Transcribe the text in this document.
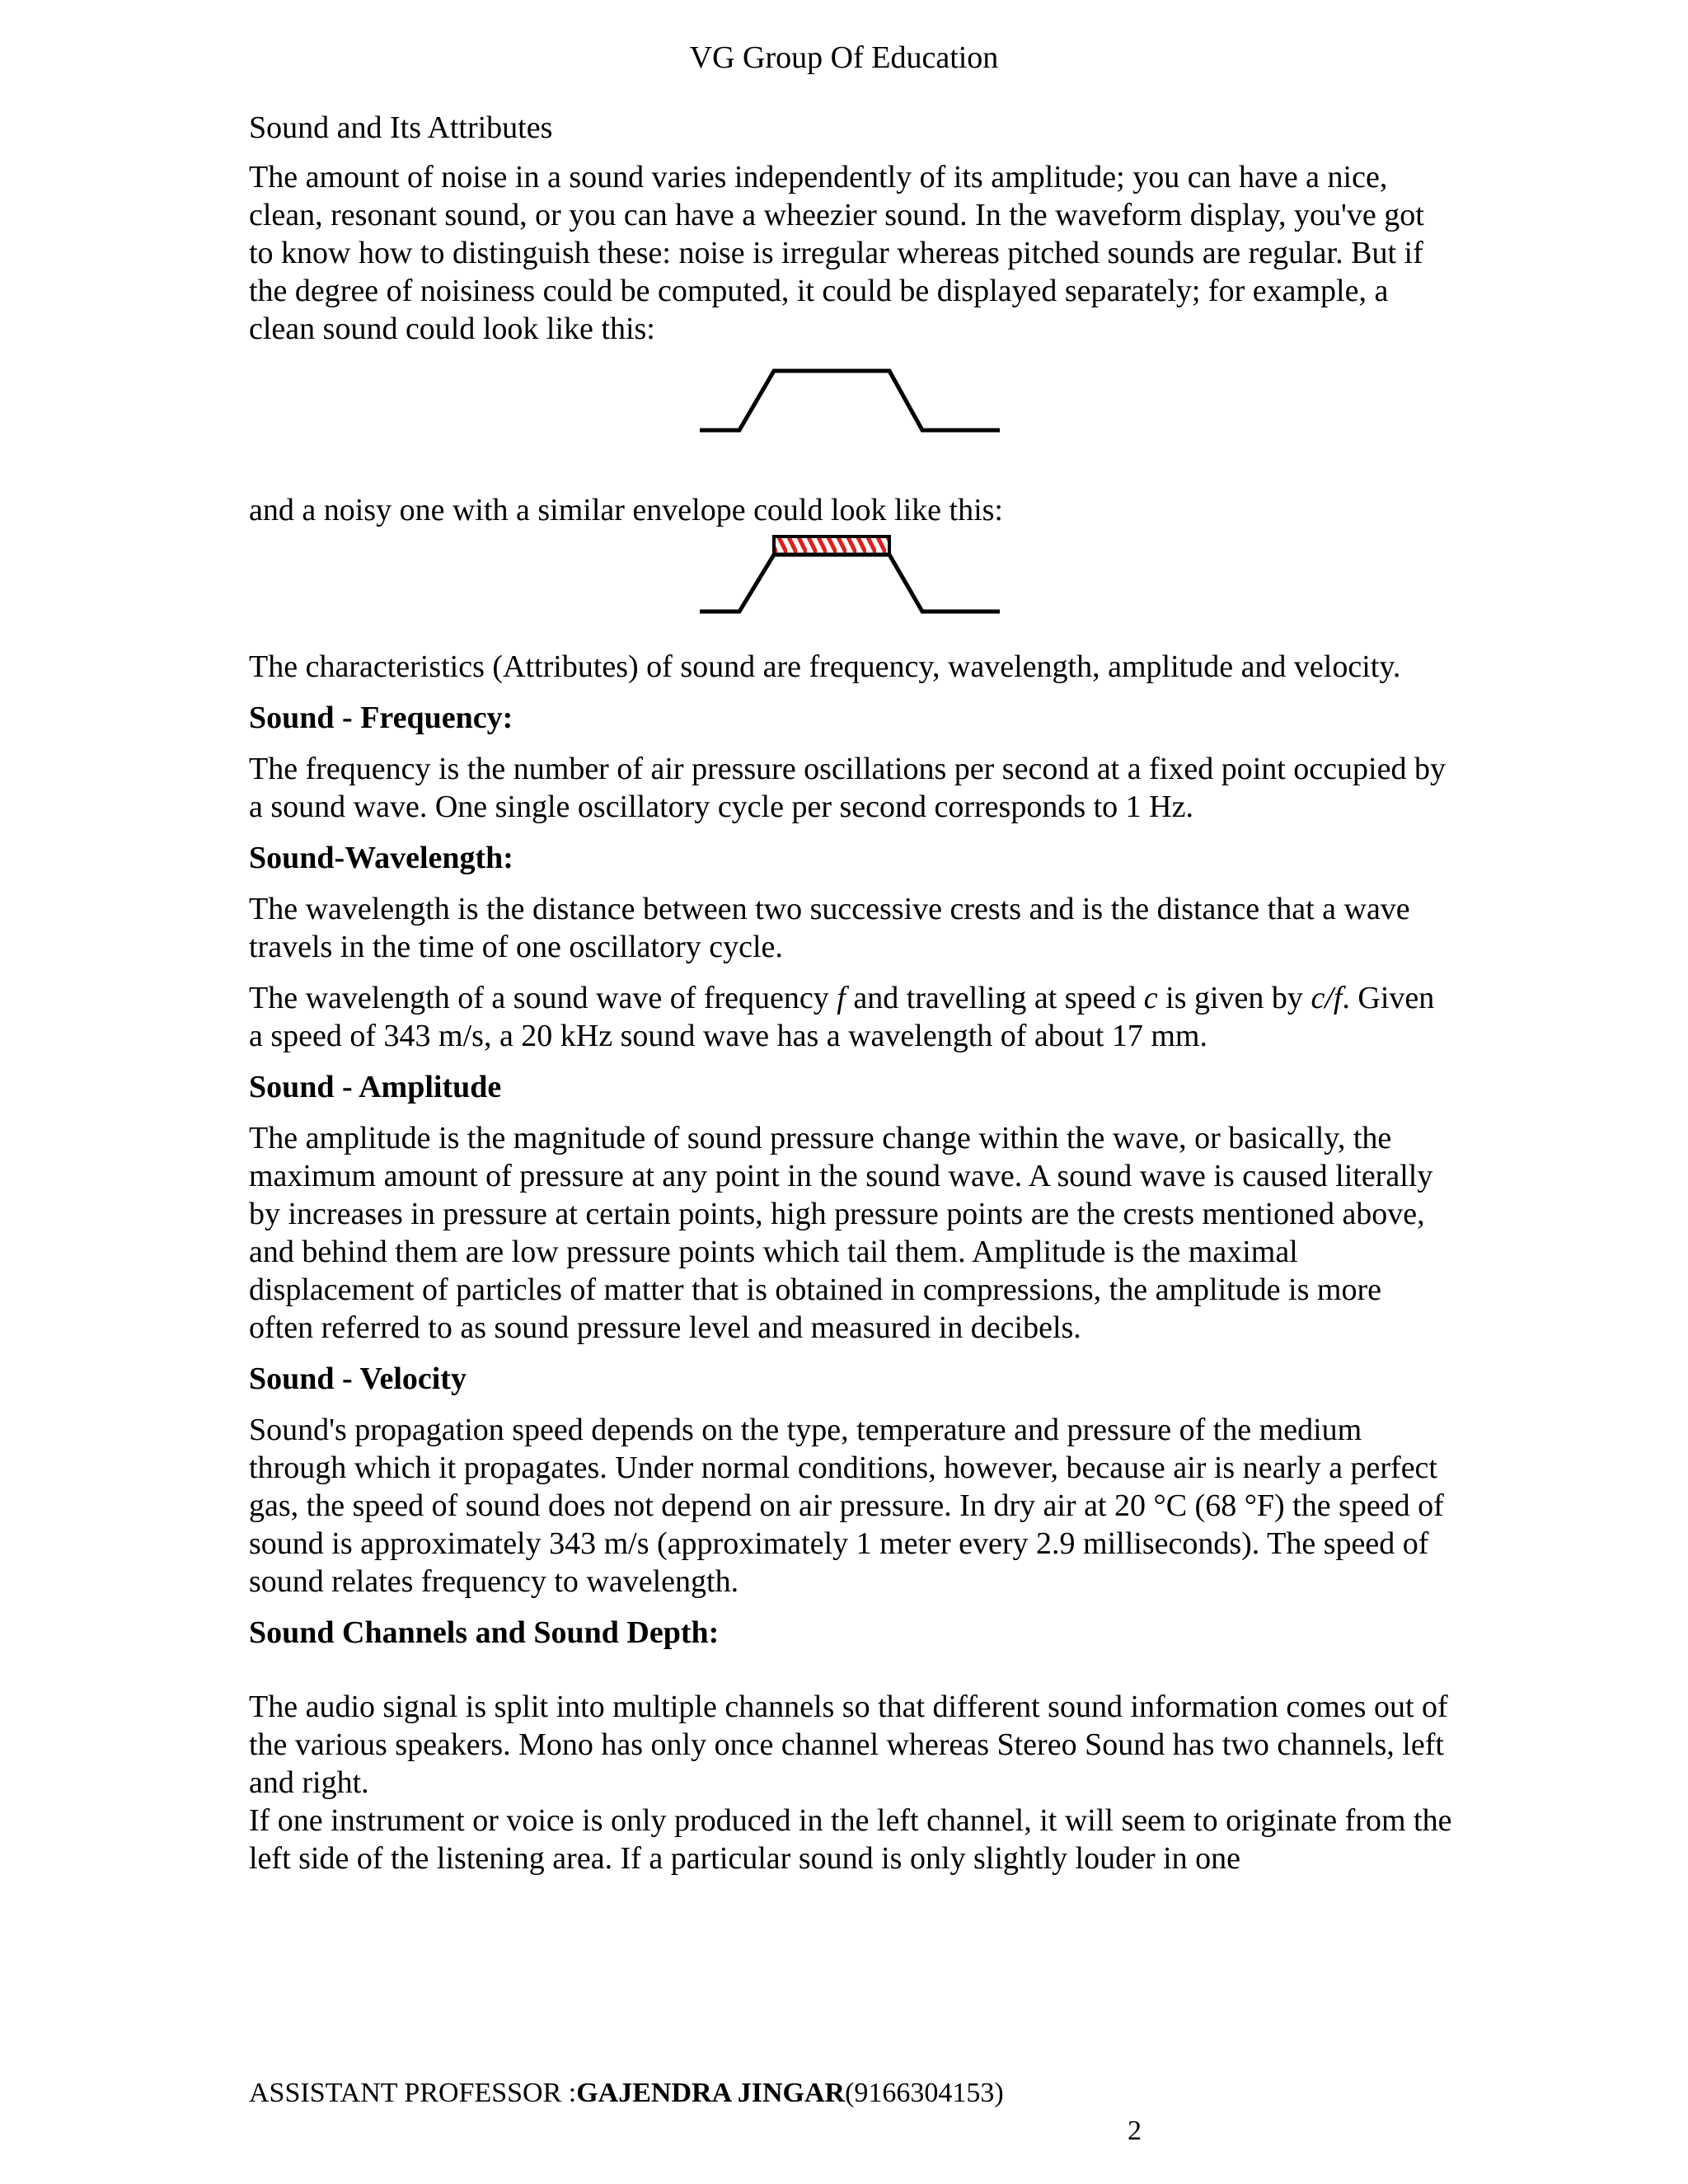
VG Group Of Education

Sound and Its Attributes

The amount of noise in a sound varies independently of its amplitude; you can have a nice, clean, resonant sound, or you can have a wheezier sound. In the waveform display, you've got to know how to distinguish these: noise is irregular whereas pitched sounds are regular. But if the degree of noisiness could be computed, it could be displayed separately; for example, a clean sound could look like this:

and a noisy one with a similar envelope could look like this:

The characteristics (Attributes) of sound are frequency, wavelength, amplitude and velocity.

Sound - Frequency:

The frequency is the number of air pressure oscillations per second at a fixed point occupied by a sound wave. One single oscillatory cycle per second corresponds to 1 Hz.

Sound-Wavelength:

The wavelength is the distance between two successive crests and is the distance that a wave travels in the time of one oscillatory cycle.

The wavelength of a sound wave of frequency f and travelling at speed c is given by c/f. Given a speed of 343 m/s, a 20 kHz sound wave has a wavelength of about 17 mm.

Sound - Amplitude

The amplitude is the magnitude of sound pressure change within the wave, or basically, the maximum amount of pressure at any point in the sound wave. A sound wave is caused literally by increases in pressure at certain points, high pressure points are the crests mentioned above, and behind them are low pressure points which tail them. Amplitude is the maximal displacement of particles of matter that is obtained in compressions, the amplitude is more often referred to as sound pressure level and measured in decibels.

Sound - Velocity

Sound's propagation speed depends on the type, temperature and pressure of the medium through which it propagates. Under normal conditions, however, because air is nearly a perfect gas, the speed of sound does not depend on air pressure. In dry air at 20 °C (68 °F) the speed of sound is approximately 343 m/s (approximately 1 meter every 2.9 milliseconds). The speed of sound relates frequency to wavelength.

Sound Channels and Sound Depth:

The audio signal is split into multiple channels so that different sound information comes out of the various speakers. Mono has only once channel whereas Stereo Sound has two channels, left and right.

If one instrument or voice is only produced in the left channel, it will seem to originate from the left side of the listening area. If a particular sound is only slightly louder in one

ASSISTANT PROFESSOR :GAJENDRA JINGAR(9166304153)
2
